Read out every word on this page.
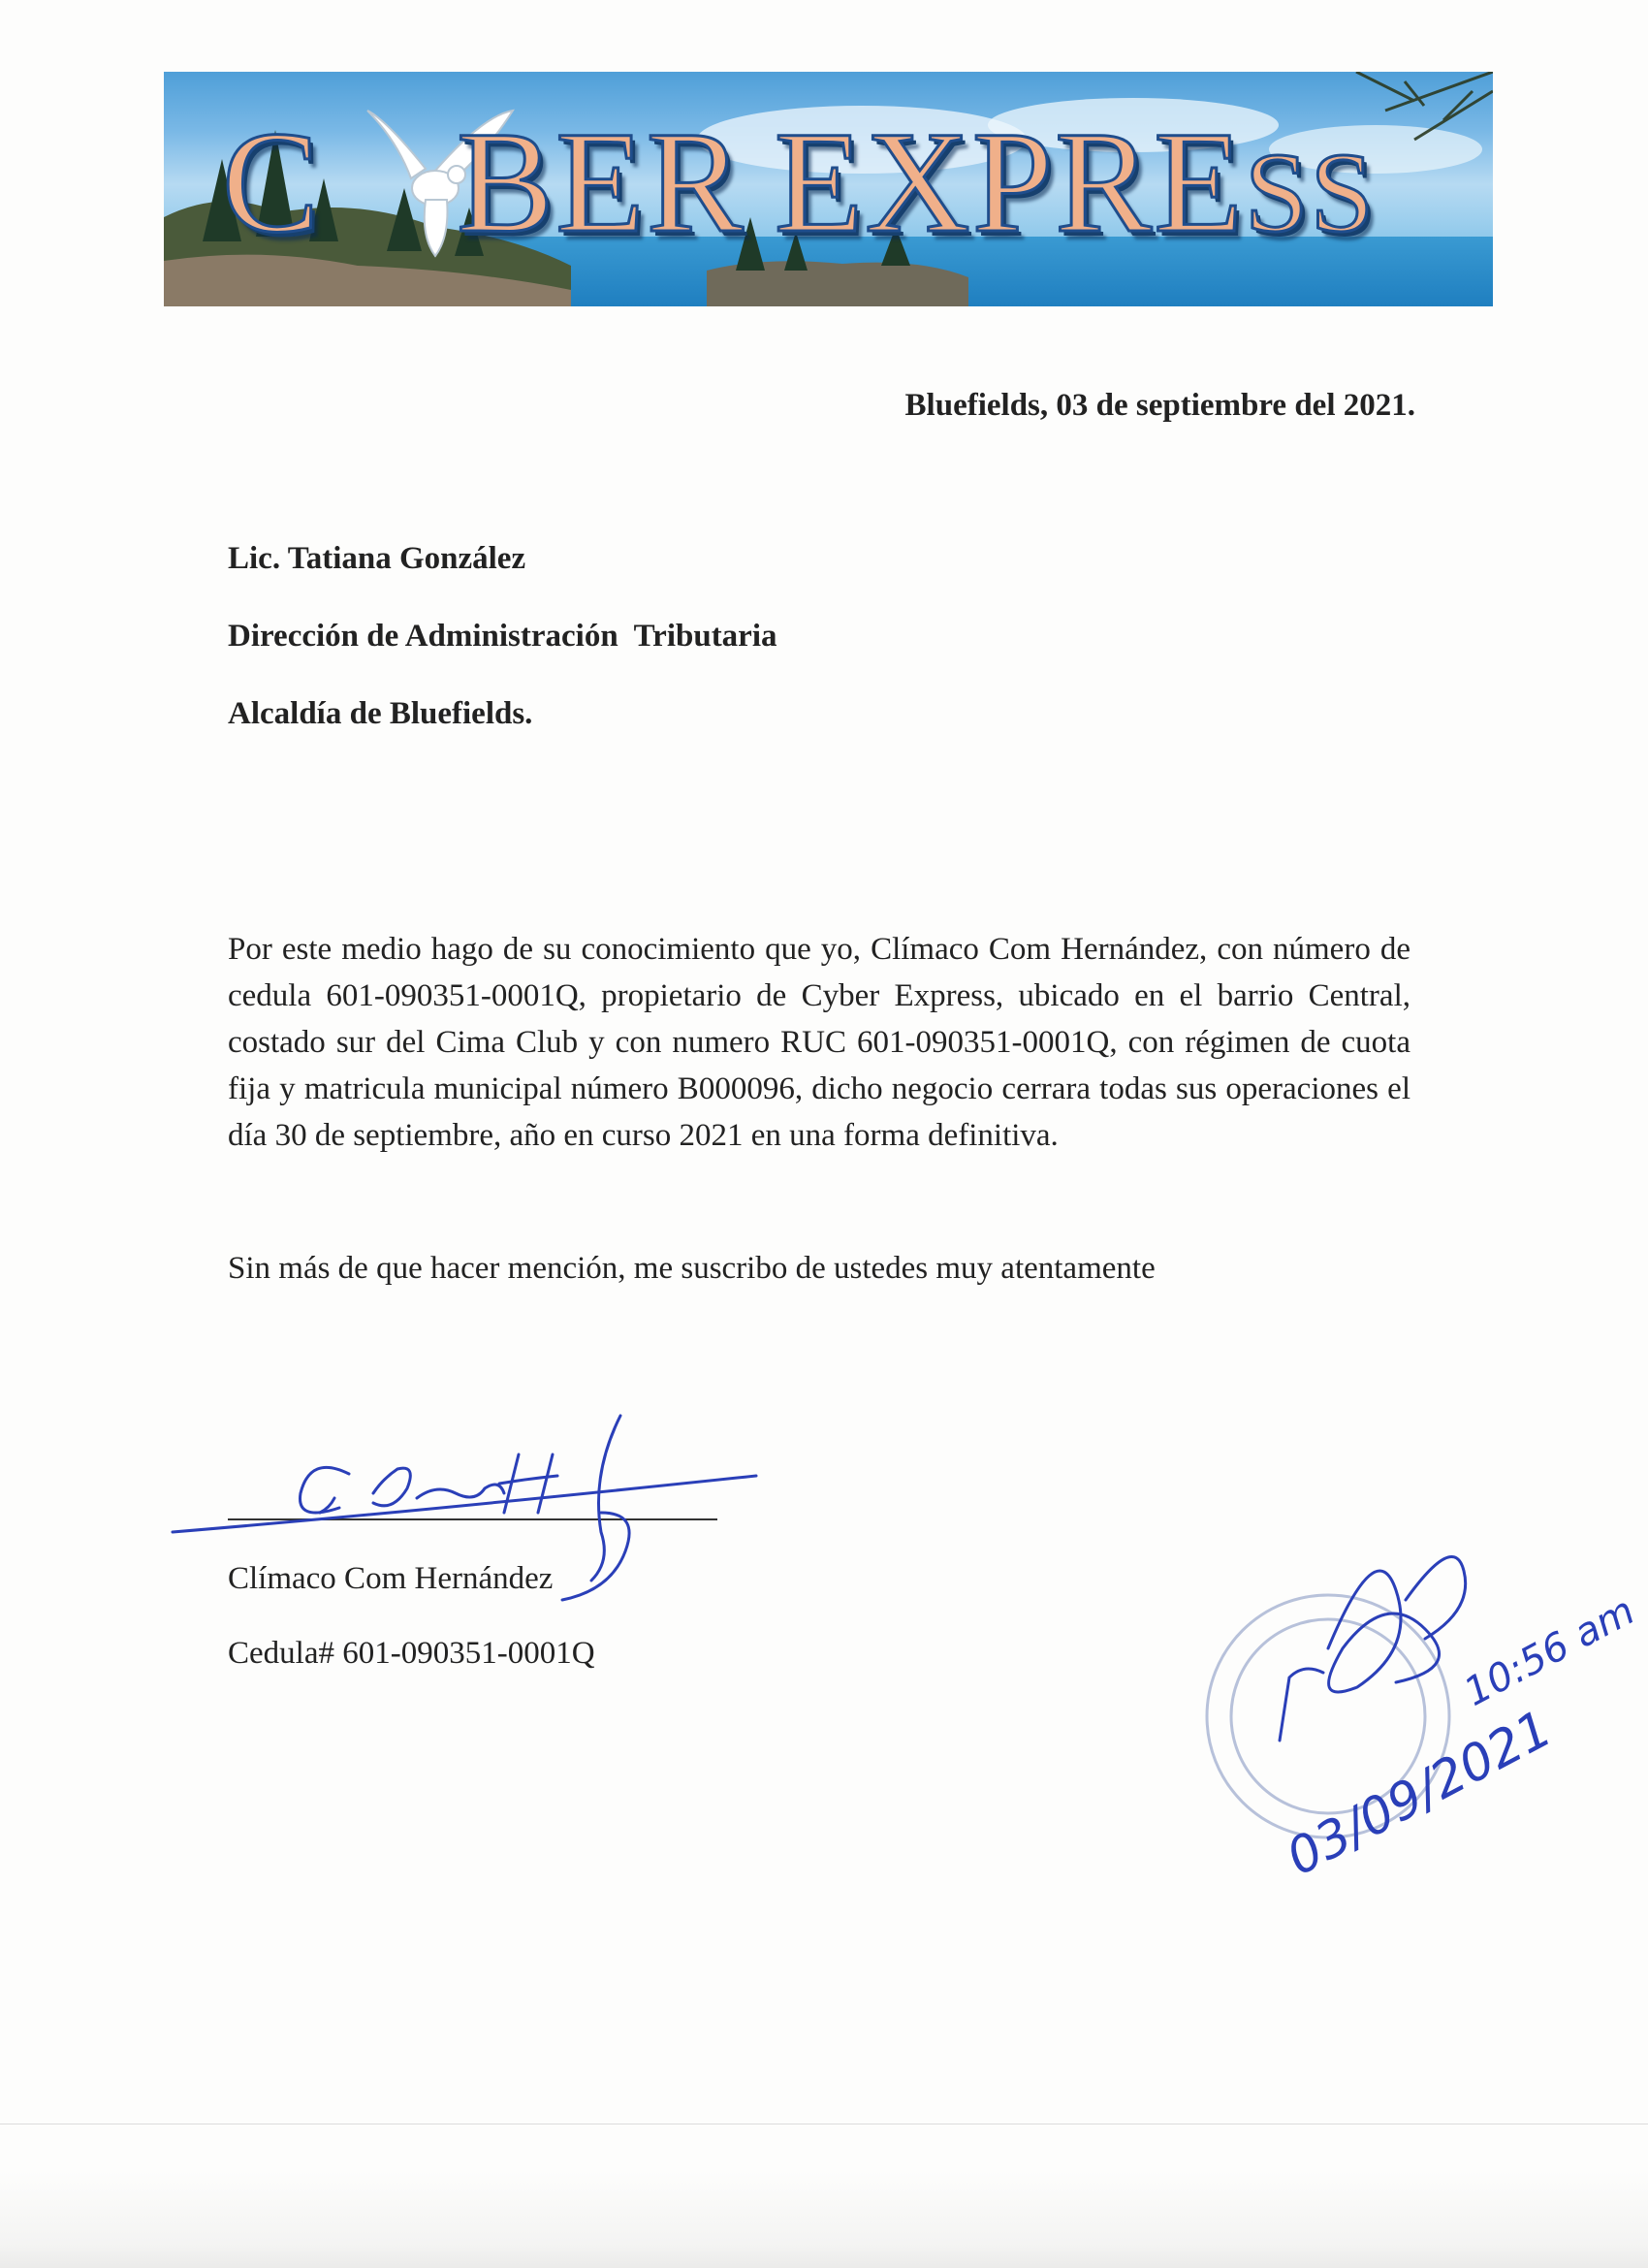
C BER E XPRE S S
Bluefields, 03 de septiembre del 2021.
Lic. Tatiana González
Dirección de Administración  Tributaria
Alcaldía de Bluefields.
Por este medio hago de su conocimiento que yo, Clímaco Com Hernández, con número de cedula 601-090351-0001Q, propietario de Cyber Express, ubicado en el barrio Central, costado sur del Cima Club y con numero RUC 601-090351-0001Q, con régimen de cuota fija y matricula municipal número B000096, dicho negocio cerrara todas sus operaciones el día 30 de septiembre, año en curso 2021 en una forma definitiva.
Sin más de que hacer mención, me suscribo de ustedes muy atentamente
Clímaco Com Hernández
Cedula# 601-090351-0001Q
03/09/2021
10:56 am
